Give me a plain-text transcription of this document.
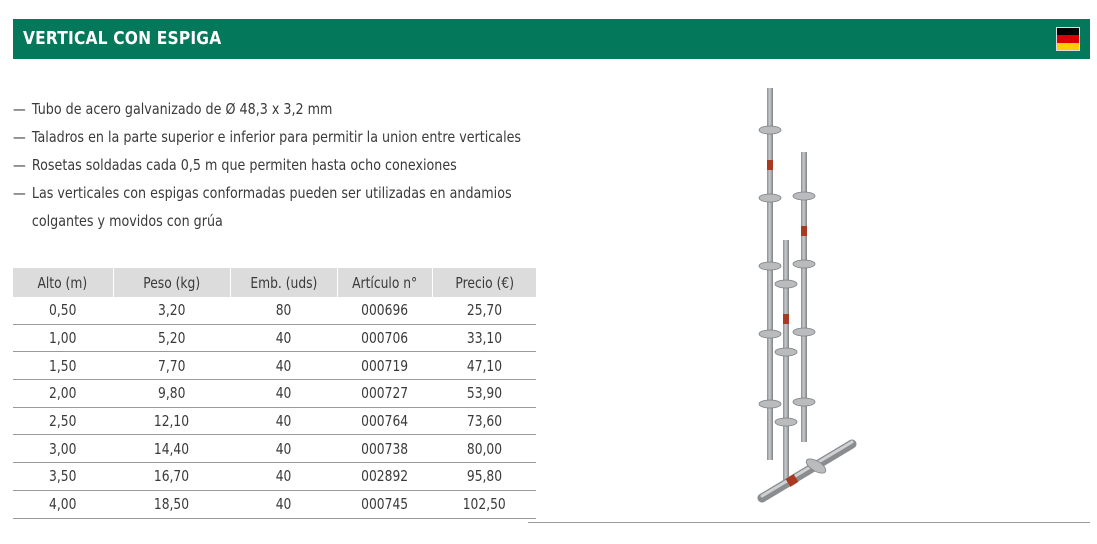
VERTICAL CON ESPIGA
— Tubo de acero galvanizado de Ø 48,3 x 3,2 mm
— Taladros en la parte superior e inferior para permitir la union entre verticales
— Rosetas soldadas cada 0,5 m que permiten hasta ocho conexiones
— Las verticales con espigas conformadas pueden ser utilizadas en andamios
colgantes y movidos con grúa
Alto (m)	Peso (kg)	Emb. (uds)	Artículo n°	Precio (€)
0,50	3,20	80	000696	25,70
1,00	5,20	40	000706	33,10
1,50	7,70	40	000719	47,10
2,00	9,80	40	000727	53,90
2,50	12,10	40	000764	73,60
3,00	14,40	40	000738	80,00
3,50	16,70	40	002892	95,80
4,00	18,50	40	000745	102,50
